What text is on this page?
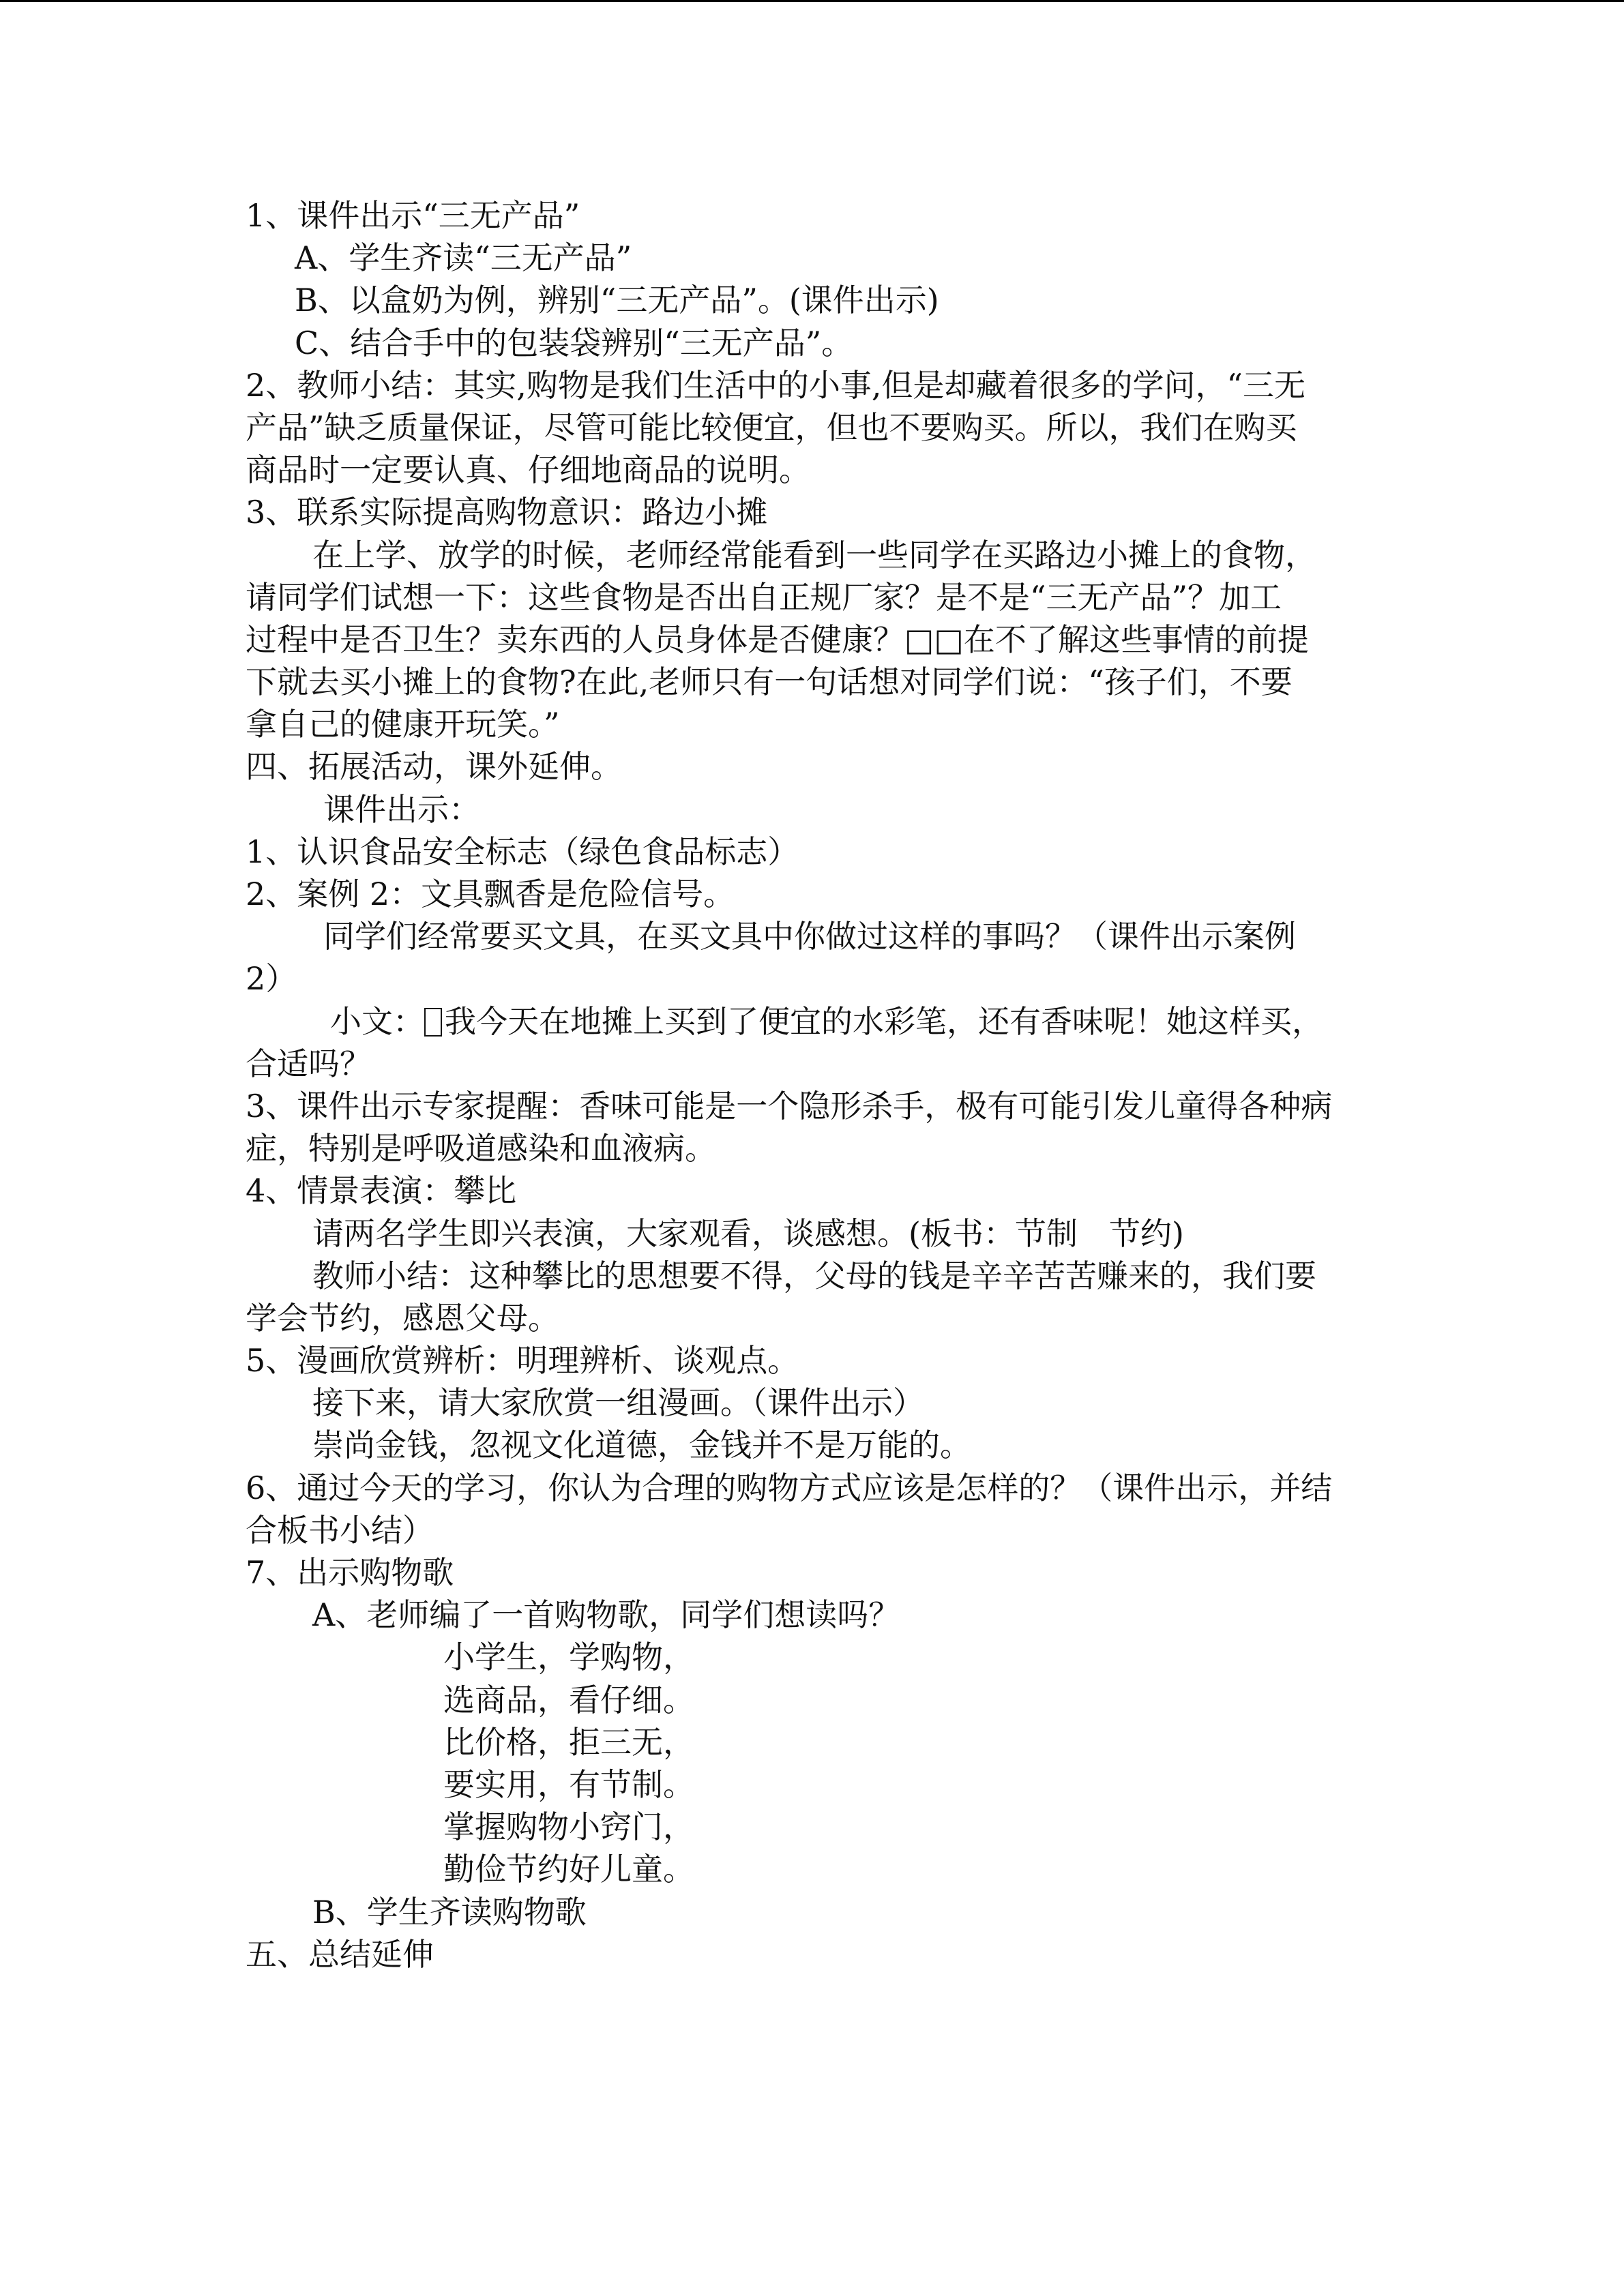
1、课件出示“三无产品”
A、学生齐读“三无产品”
B、以盒奶为例，辨别“三无产品”。(课件出示)
C、结合手中的包装袋辨别“三无产品”。
2、教师小结：其实,购物是我们生活中的小事,但是却藏着很多的学问，“三无
产品”缺乏质量保证，尽管可能比较便宜，但也不要购买。所以，我们在购买
商品时一定要认真、仔细地商品的说明。
3、联系实际提高购物意识：路边小摊
在上学、放学的时候，老师经常能看到一些同学在买路边小摊上的食物，
请同学们试想一下：这些食物是否出自正规厂家？是不是“三无产品”？加工
过程中是否卫生？卖东西的人员身体是否健康？□□在不了解这些事情的前提
下就去买小摊上的食物?在此,老师只有一句话想对同学们说：“孩子们，不要
拿自己的健康开玩笑。”
四、拓展活动，课外延伸。
课件出示：
1、认识食品安全标志（绿色食品标志）
2、案例 2：文具飘香是危险信号。
同学们经常要买文具，在买文具中你做过这样的事吗？（课件出示案例
2）
小文： 我今天在地摊上买到了便宜的水彩笔，还有香味呢！她这样买，
合适吗？
3、课件出示专家提醒：香味可能是一个隐形杀手，极有可能引发儿童得各种病
症，特别是呼吸道感染和血液病。
4、情景表演：攀比
请两名学生即兴表演，大家观看，谈感想。(板书：节制　节约)
教师小结：这种攀比的思想要不得，父母的钱是辛辛苦苦赚来的，我们要
学会节约，感恩父母。
5、漫画欣赏辨析：明理辨析、谈观点。
接下来，请大家欣赏一组漫画。（课件出示）
崇尚金钱，忽视文化道德，金钱并不是万能的。
6、通过今天的学习，你认为合理的购物方式应该是怎样的？（课件出示，并结
合板书小结）
7、出示购物歌
A、老师编了一首购物歌，同学们想读吗？
小学生，学购物，
选商品，看仔细。
比价格，拒三无，
要实用，有节制。
掌握购物小窍门，
勤俭节约好儿童。
B、学生齐读购物歌
五、总结延伸
